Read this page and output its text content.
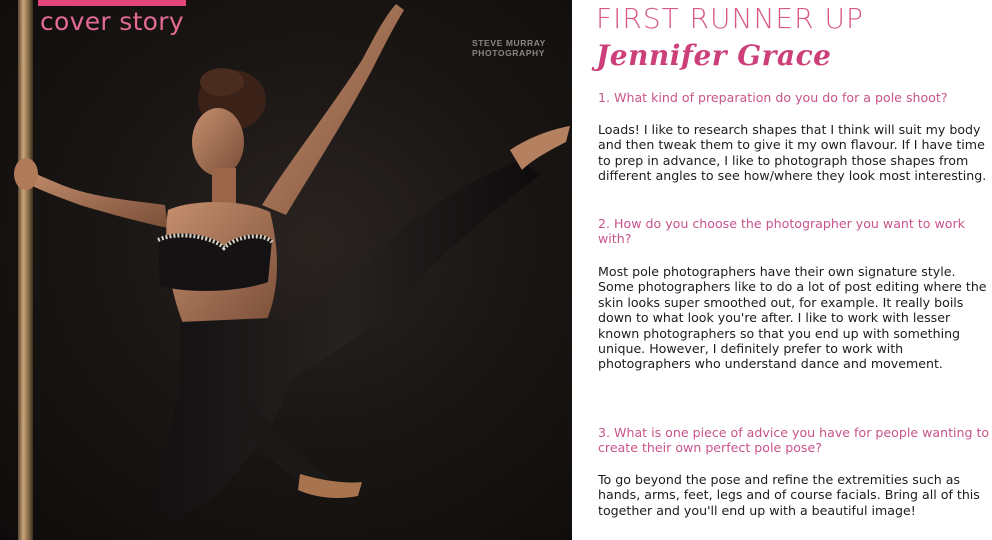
cover story
STEVE MURRAY
PHOTOGRAPHY
FIRST RUNNER UP
Jennifer Grace
1. What kind of preparation do you do for a pole shoot?
Loads! I like to research shapes that I think will suit my body and then tweak them to give it my own flavour. If I have time to prep in advance, I like to photograph those shapes from different angles to see how/where they look most interesting.
2. How do you choose the photographer you want to work with?
Most pole photographers have their own signature style. Some photographers like to do a lot of post editing where the skin looks super smoothed out, for example. It really boils down to what look you're after. I like to work with lesser known photographers so that you end up with something unique. However, I definitely prefer to work with photographers who understand dance and movement.
3. What is one piece of advice you have for people wanting to create their own perfect pole pose?
To go beyond the pose and refine the extremities such as hands, arms, feet, legs and of course facials. Bring all of this together and you'll end up with a beautiful image!
